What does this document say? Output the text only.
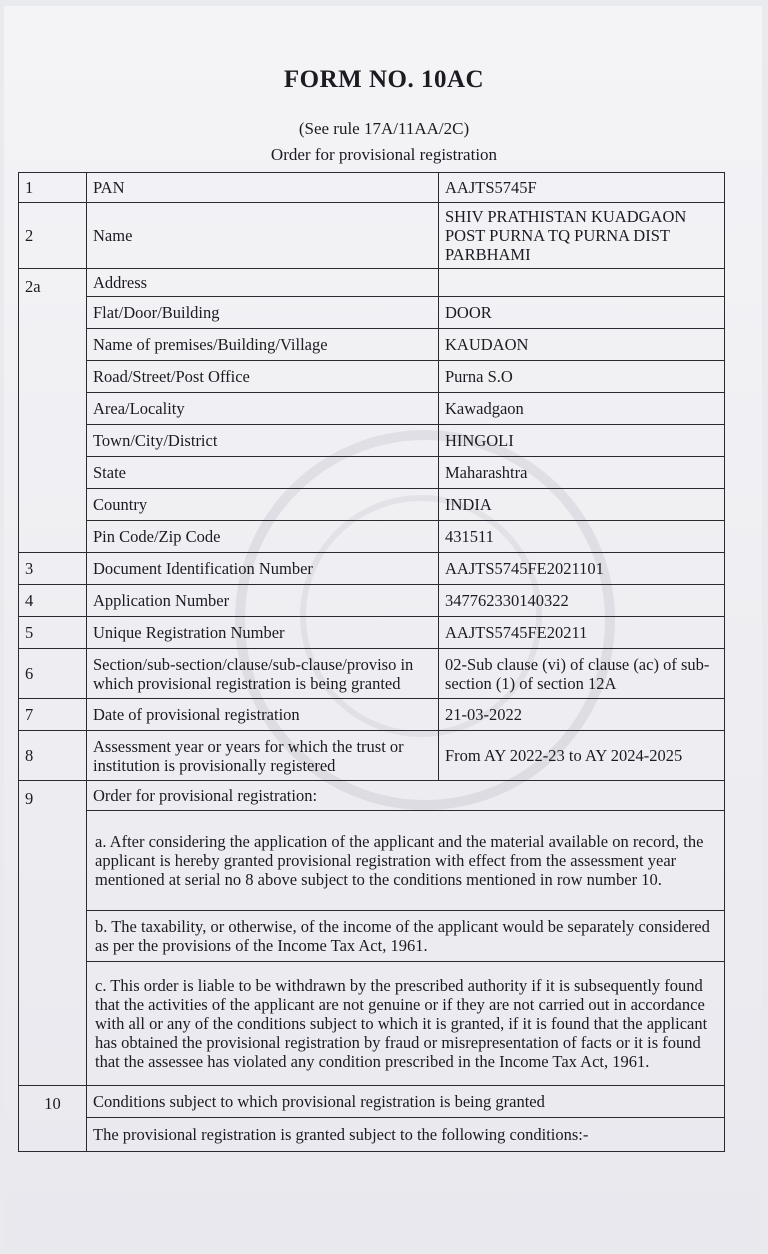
FORM NO. 10AC
(See rule 17A/11AA/2C)
Order for provisional registration
1	PAN	AAJTS5745F
2	Name	SHIV PRATHISTAN KUADGAON POST PURNA TQ PURNA DIST PARBHAMI
2a	Address	
	Flat/Door/Building	DOOR
	Name of premises/Building/Village	KAUDAON
	Road/Street/Post Office	Purna S.O
	Area/Locality	Kawadgaon
	Town/City/District	HINGOLI
	State	Maharashtra
	Country	INDIA
	Pin Code/Zip Code	431511
3	Document Identification Number	AAJTS5745FE2021101
4	Application Number	347762330140322
5	Unique Registration Number	AAJTS5745FE20211
6	Section/sub-section/clause/sub-clause/proviso in which provisional registration is being granted	02-Sub clause (vi) of clause (ac) of sub-section (1) of section 12A
7	Date of provisional registration	21-03-2022
8	Assessment year or years for which the trust or institution is provisionally registered	From AY 2022-23 to AY 2024-2025
9	Order for provisional registration:	
	a. After considering the application of the applicant and the material available on record, the applicant is hereby granted provisional registration with effect from the assessment year mentioned at serial no 8 above subject to the conditions mentioned in row number 10.	
	b. The taxability, or otherwise, of the income of the applicant would be separately considered as per the provisions of the Income Tax Act, 1961.	
	c. This order is liable to be withdrawn by the prescribed authority if it is subsequently found that the activities of the applicant are not genuine or if they are not carried out in accordance with all or any of the conditions subject to which it is granted, if it is found that the applicant has obtained the provisional registration by fraud or misrepresentation of facts or it is found that the assessee has violated any condition prescribed in the Income Tax Act, 1961.	
10	Conditions subject to which provisional registration is being granted	
	The provisional registration is granted subject to the following conditions:-	
